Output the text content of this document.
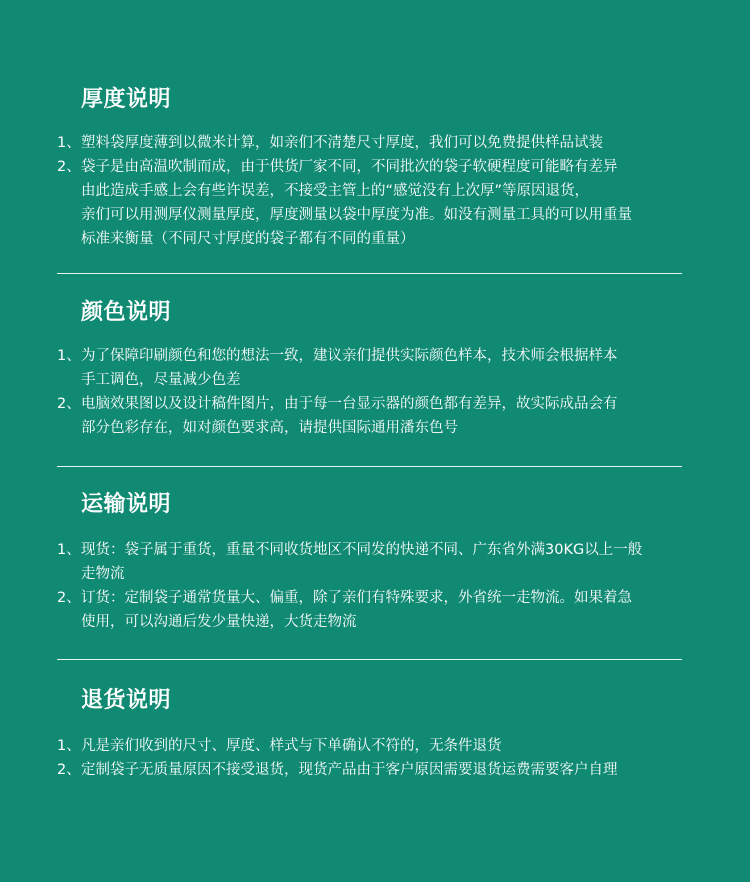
厚度说明
1、 塑料袋厚度薄到以微米计算，如亲们不清楚尺寸厚度，我们可以免费提供样品试装
2、 袋子是由高温吹制而成，由于供货厂家不同，不同批次的袋子软硬程度可能略有差异
由此造成手感上会有些许误差，不接受主管上的“感觉没有上次厚”等原因退货，
亲们可以用测厚仪测量厚度，厚度测量以袋中厚度为准。如没有测量工具的可以用重量
标准来衡量（不同尺寸厚度的袋子都有不同的重量）
颜色说明
1、 为了保障印刷颜色和您的想法一致，建议亲们提供实际颜色样本，技术师会根据样本
手工调色，尽量减少色差
2、 电脑效果图以及设计稿件图片，由于每一台显示器的颜色都有差异，故实际成品会有
部分色彩存在，如对颜色要求高，请提供国际通用潘东色号
运输说明
1、 现货：袋子属于重货，重量不同收货地区不同发的快递不同、广东省外满30KG以上一般
走物流
2、 订货：定制袋子通常货量大、偏重，除了亲们有特殊要求，外省统一走物流。如果着急
使用，可以沟通后发少量快递，大货走物流
退货说明
1、 凡是亲们收到的尺寸、厚度、样式与下单确认不符的，无条件退货
2、 定制袋子无质量原因不接受退货，现货产品由于客户原因需要退货运费需要客户自理
